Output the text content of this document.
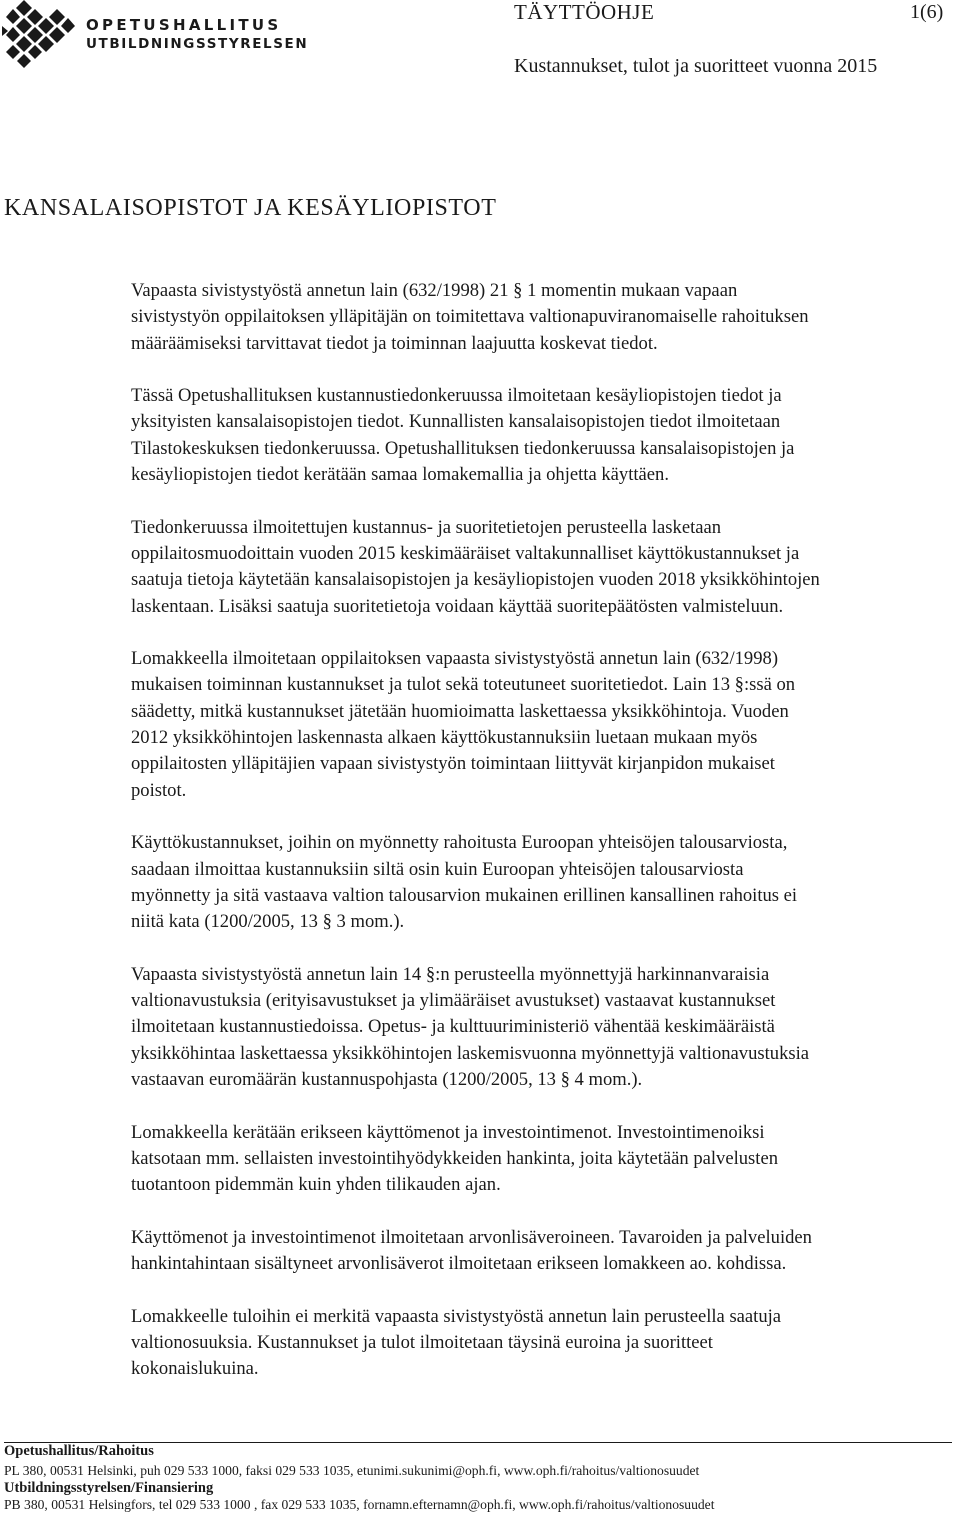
OPETUSHALLITUS
UTBILDNINGSSTYRELSEN
TÄYTTÖOHJE	1(6)
Kustannukset, tulot ja suoritteet vuonna 2015
KANSALAISOPISTOT JA KESÄYLIOPISTOT

Vapaasta sivistystyöstä annetun lain (632/1998) 21 § 1 momentin mukaan vapaan
sivistystyön oppilaitoksen ylläpitäjän on toimitettava valtionapuviranomaiselle rahoituksen
määräämiseksi tarvittavat tiedot ja toiminnan laajuutta koskevat tiedot.

Tässä Opetushallituksen kustannustiedonkeruussa ilmoitetaan kesäyliopistojen tiedot ja
yksityisten kansalaisopistojen tiedot. Kunnallisten kansalaisopistojen tiedot ilmoitetaan
Tilastokeskuksen tiedonkeruussa. Opetushallituksen tiedonkeruussa kansalaisopistojen ja
kesäyliopistojen tiedot kerätään samaa lomakemallia ja ohjetta käyttäen.

Tiedonkeruussa ilmoitettujen kustannus- ja suoritetietojen perusteella lasketaan
oppilaitosmuodoittain vuoden 2015 keskimääräiset valtakunnalliset käyttökustannukset ja
saatuja tietoja käytetään kansalaisopistojen ja kesäyliopistojen vuoden 2018 yksikköhintojen
laskentaan. Lisäksi saatuja suoritetietoja voidaan käyttää suoritepäätösten valmisteluun.

Lomakkeella ilmoitetaan oppilaitoksen vapaasta sivistystyöstä annetun lain (632/1998)
mukaisen toiminnan kustannukset ja tulot sekä toteutuneet suoritetiedot. Lain 13 §:ssä on
säädetty, mitkä kustannukset jätetään huomioimatta laskettaessa yksikköhintoja. Vuoden
2012 yksikköhintojen laskennasta alkaen käyttökustannuksiin luetaan mukaan myös
oppilaitosten ylläpitäjien vapaan sivistystyön toimintaan liittyvät kirjanpidon mukaiset
poistot.

Käyttökustannukset, joihin on myönnetty rahoitusta Euroopan yhteisöjen talousarviosta,
saadaan ilmoittaa kustannuksiin siltä osin kuin Euroopan yhteisöjen talousarviosta
myönnetty ja sitä vastaava valtion talousarvion mukainen erillinen kansallinen rahoitus ei
niitä kata (1200/2005, 13 § 3 mom.).

Vapaasta sivistystyöstä annetun lain 14 §:n perusteella myönnettyjä harkinnanvaraisia
valtionavustuksia (erityisavustukset ja ylimääräiset avustukset) vastaavat kustannukset
ilmoitetaan kustannustiedoissa. Opetus- ja kulttuuriministeriö vähentää keskimääräistä
yksikköhintaa laskettaessa yksikköhintojen laskemisvuonna myönnettyjä valtionavustuksia
vastaavan euromäärän kustannuspohjasta (1200/2005, 13 § 4 mom.).

Lomakkeella kerätään erikseen käyttömenot ja investointimenot. Investointimenoiksi
katsotaan mm. sellaisten investointihyödykkeiden hankinta, joita käytetään palvelusten
tuotantoon pidemmän kuin yhden tilikauden ajan.

Käyttömenot ja investointimenot ilmoitetaan arvonlisäveroineen. Tavaroiden ja palveluiden
hankintahintaan sisältyneet arvonlisäverot ilmoitetaan erikseen lomakkeen ao. kohdissa.

Lomakkeelle tuloihin ei merkitä vapaasta sivistystyöstä annetun lain perusteella saatuja
valtionosuuksia. Kustannukset ja tulot ilmoitetaan täysinä euroina ja suoritteet
kokonaislukuina.

Opetushallitus/Rahoitus
PL 380, 00531 Helsinki, puh 029 533 1000, faksi 029 533 1035, etunimi.sukunimi@oph.fi, www.oph.fi/rahoitus/valtionosuudet
Utbildningsstyrelsen/Finansiering
PB 380, 00531 Helsingfors, tel 029 533 1000 , fax 029 533 1035, fornamn.efternamn@oph.fi, www.oph.fi/rahoitus/valtionosuudet
